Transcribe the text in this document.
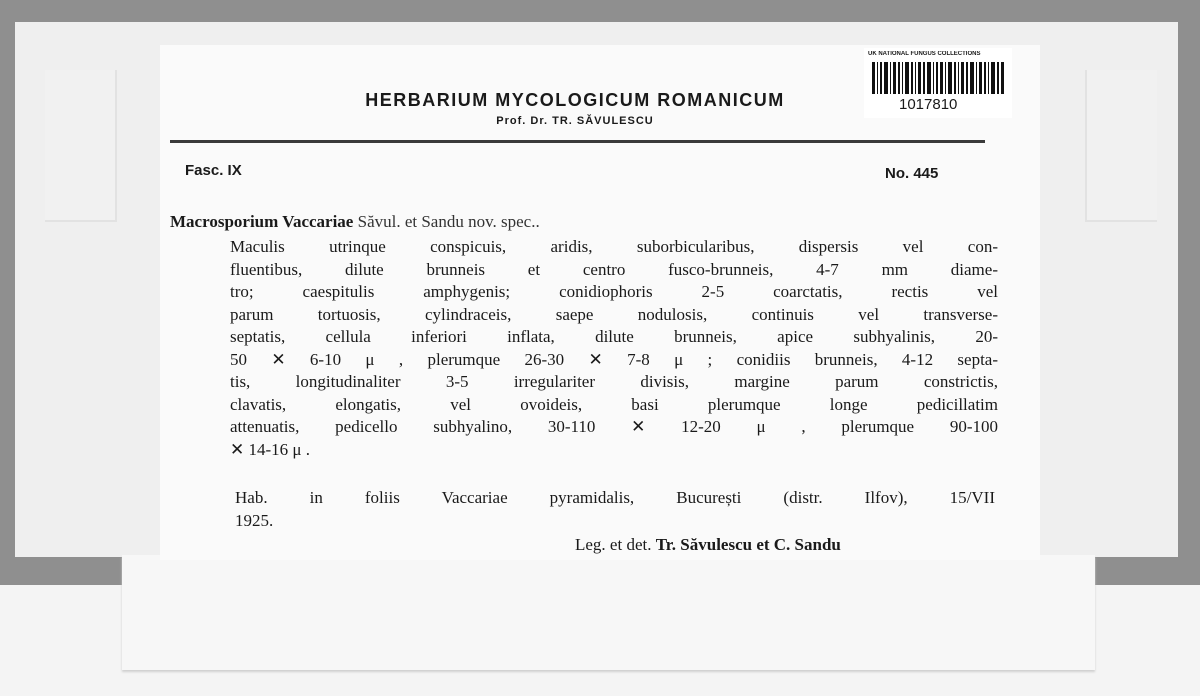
HERBARIUM MYCOLOGICUM ROMANICUM
Prof. Dr. TR. SĂVULESCU
UK NATIONAL FUNGUS COLLECTIONS
1017810
Fasc. IX	No. 445
Macrosporium Vaccariae Săvul. et Sandu nov. spec..
Maculis utrinque conspicuis, aridis, suborbicularibus, dispersis vel con-
fluentibus, dilute brunneis et centro fusco-brunneis, 4-7 mm diame-
tro; caespitulis amphygenis; conidiophoris 2-5 coarctatis, rectis vel
parum tortuosis, cylindraceis, saepe nodulosis, continuis vel transverse-
septatis, cellula inferiori inflata, dilute brunneis, apice subhyalinis, 20-
50 ✕ 6-10 μ , plerumque 26-30 ✕ 7-8 μ ; conidiis brunneis, 4-12 septa-
tis, longitudinaliter 3-5 irregulariter divisis, margine parum constrictis,
clavatis, elongatis, vel ovoideis, basi plerumque longe pedicillatim
attenuatis, pedicello subhyalino, 30-110 ✕ 12-20 μ , plerumque 90-100
✕ 14-16 μ .
Hab. in foliis Vaccariae pyramidalis, București (distr. Ilfov), 15/VII
1925.
Leg. et det. Tr. Săvulescu et C. Sandu
